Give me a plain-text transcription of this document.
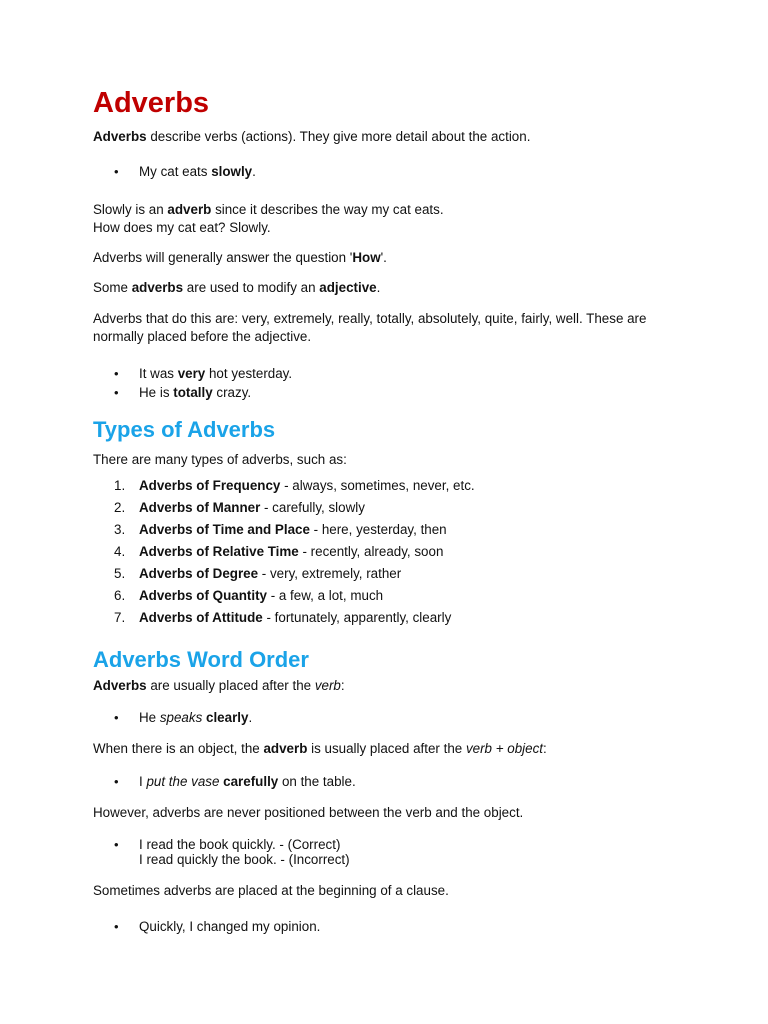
Adverbs

Adverbs describe verbs (actions). They give more detail about the action.

•
My cat eats slowly.

Slowly is an adverb since it describes the way my cat eats.

How does my cat eat? Slowly.

Adverbs will generally answer the question 'How'.

Some adverbs are used to modify an adjective.

Adverbs that do this are: very, extremely, really, totally, absolutely, quite, fairly, well. These are

normally placed before the adjective.

•
It was very hot yesterday.
•
He is totally crazy.
Types of Adverbs

There are many types of adverbs, such as:

1. Adverbs of Frequency - always, sometimes, never, etc.
2. Adverbs of Manner - carefully, slowly
3. Adverbs of Time and Place - here, yesterday, then
4. Adverbs of Relative Time - recently, already, soon
5. Adverbs of Degree - very, extremely, rather
6. Adverbs of Quantity - a few, a lot, much
7. Adverbs of Attitude - fortunately, apparently, clearly
Adverbs Word Order

Adverbs are usually placed after the verb:

•
He speaks clearly.

When there is an object, the adverb is usually placed after the verb + object:

•
I put the vase carefully on the table.

However, adverbs are never positioned between the verb and the object.

•
I read the book quickly. - (Correct)
I read quickly the book. - (Incorrect)

Sometimes adverbs are placed at the beginning of a clause.

•
Quickly, I changed my opinion.
